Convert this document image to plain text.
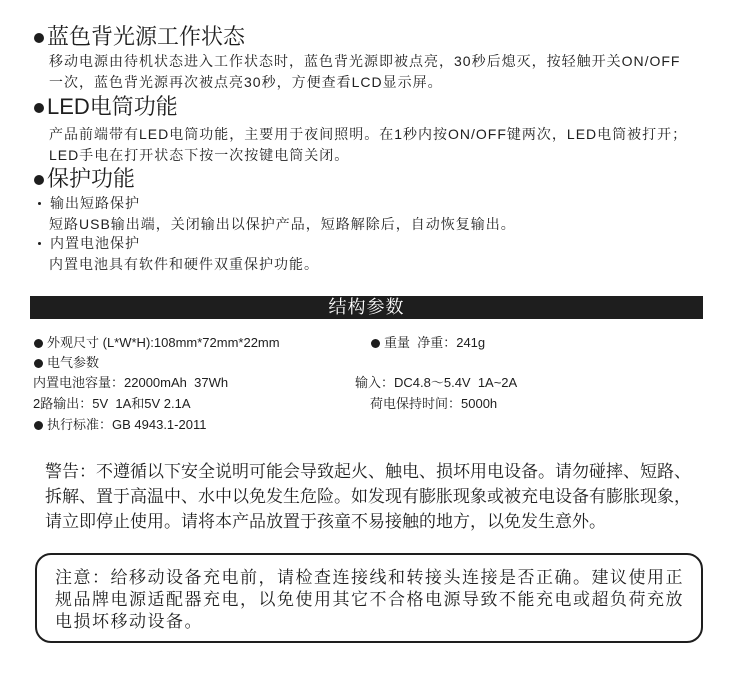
蓝色背光源工作状态
移动电源由待机状态进入工作状态时，蓝色背光源即被点亮，30秒后熄灭，按轻触开关ON/OFF
一次，蓝色背光源再次被点亮30秒，方便查看LCD显示屏。
LED电筒功能
产品前端带有LED电筒功能，主要用于夜间照明。在1秒内按ON/OFF键两次，LED电筒被打开；
LED手电在打开状态下按一次按键电筒关闭。
保护功能
输出短路保护
短路USB输出端，关闭输出以保护产品，短路解除后，自动恢复输出。
内置电池保护
内置电池具有软件和硬件双重保护功能。
结构参数
外观尺寸 (L*W*H):108mm*72mm*22mm	重量  净重：241g
电气参数
内置电池容量：22000mAh  37Wh	输入：DC4.8～5.4V  1A~2A
2路输出：5V  1A和5V 2.1A	荷电保持时间：5000h
执行标准：GB 4943.1-2011
警告：不遵循以下安全说明可能会导致起火、触电、损坏用电设备。请勿碰摔、短路、
拆解、置于高温中、水中以免发生危险。如发现有膨胀现象或被充电设备有膨胀现象，
请立即停止使用。请将本产品放置于孩童不易接触的地方，以免发生意外。
注意：给移动设备充电前，请检查连接线和转接头连接是否正确。建议使用正
规品牌电源适配器充电，以免使用其它不合格电源导致不能充电或超负荷充放
电损坏移动设备。
